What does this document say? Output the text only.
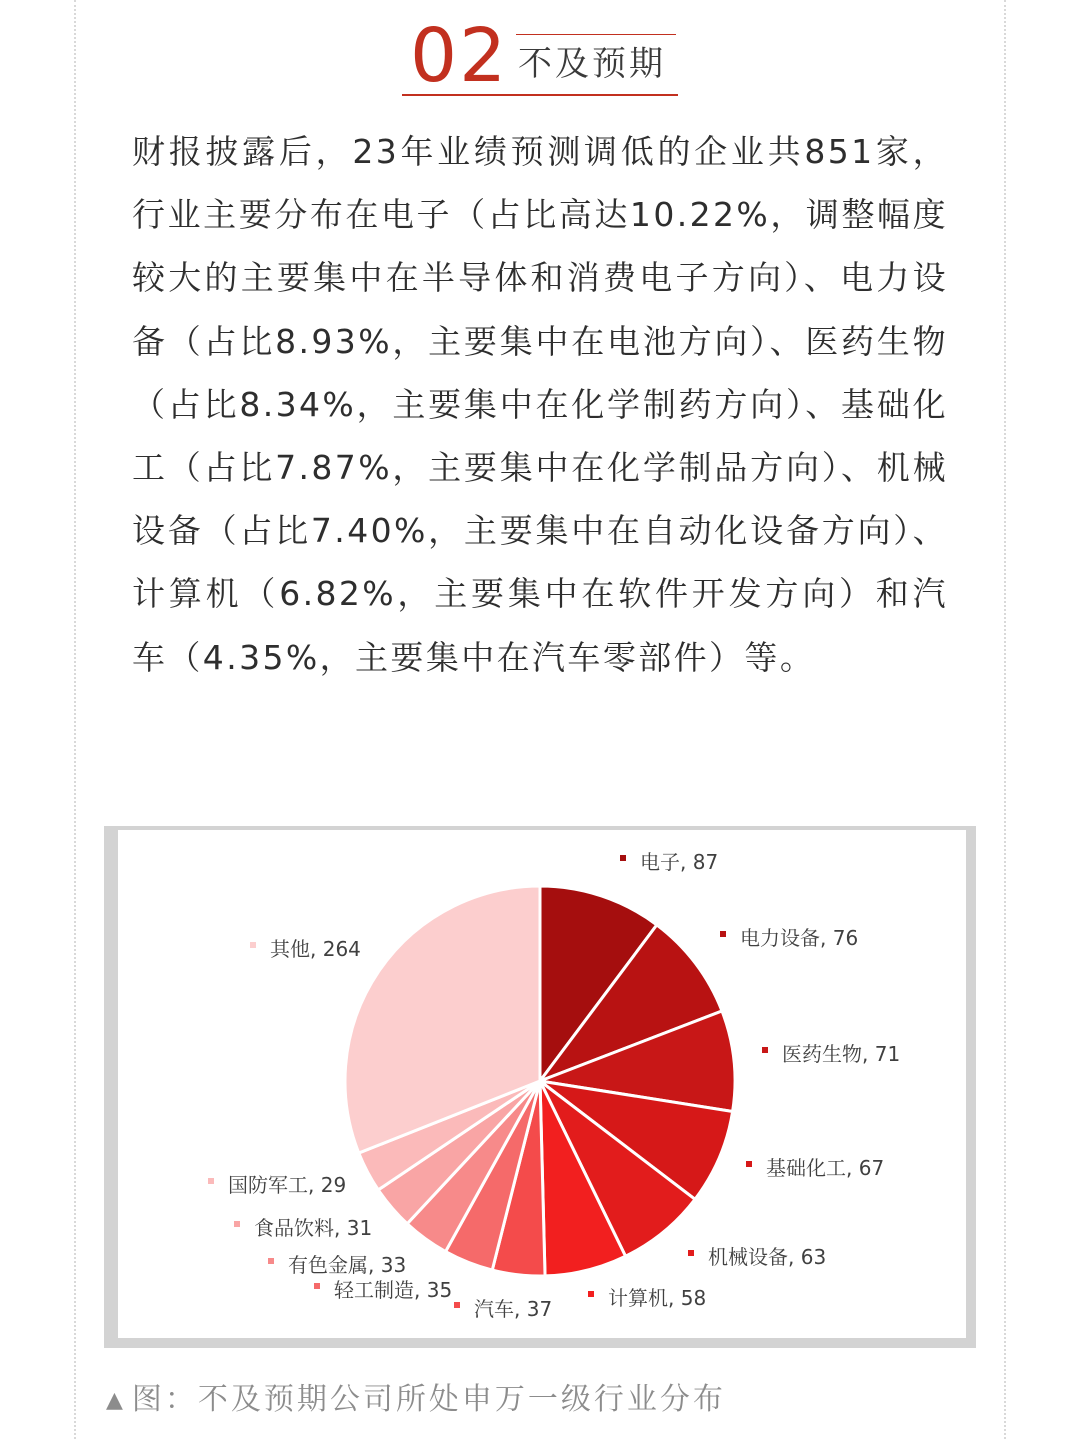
02 不及预期

财报披露后，23年业绩预测调低的企业共851家，行业主要分布在电子（占比高达10.22%，调整幅度较大的主要集中在半导体和消费电子方向）、电力设备（占比8.93%，主要集中在电池方向）、医药生物（占比8.34%，主要集中在化学制药方向）、基础化工（占比7.87%，主要集中在化学制品方向）、机械设备（占比7.40%，主要集中在自动化设备方向）、计算机（6.82%，主要集中在软件开发方向）和汽车（4.35%，主要集中在汽车零部件）等。

电子, 87
电力设备, 76
医药生物, 71
基础化工, 67
机械设备, 63
计算机, 58
汽车, 37
轻工制造, 35
有色金属, 33
食品饮料, 31
国防军工, 29
其他, 264
▲ 图：不及预期公司所处申万一级行业分布
